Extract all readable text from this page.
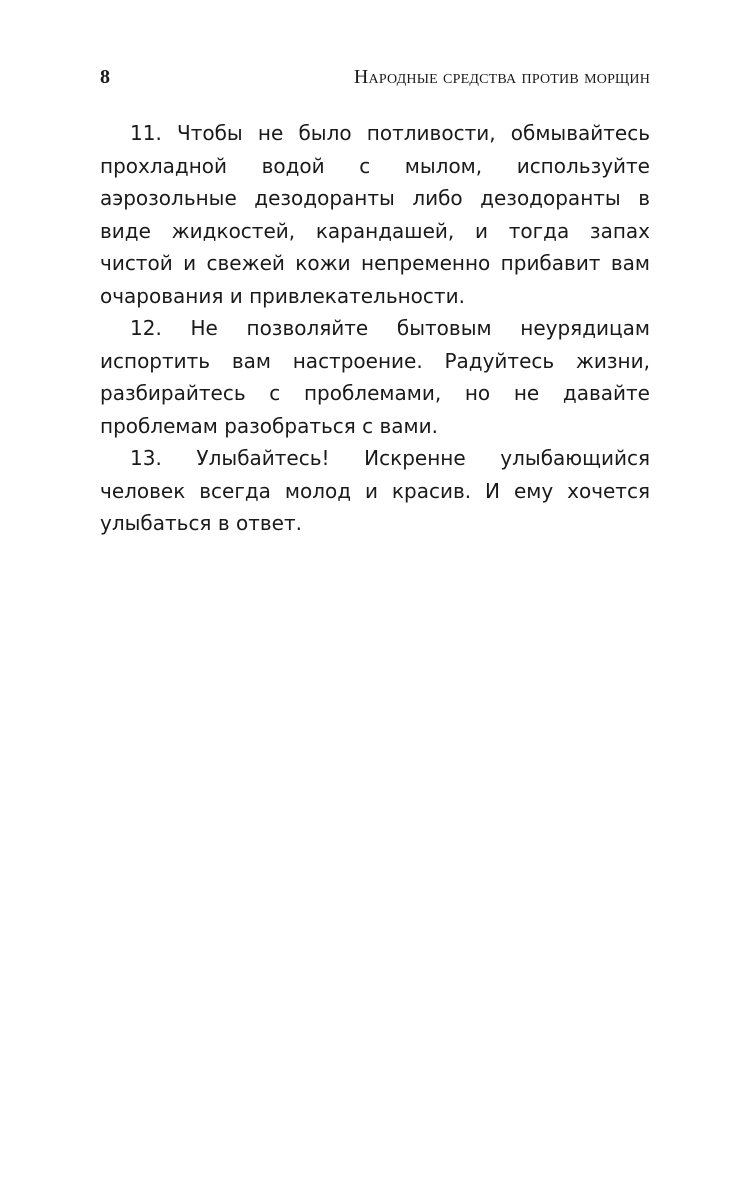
8	Народные средства против морщин

11. Чтобы не было потливости, обмывайтесь прохладной водой с мылом, используйте аэрозольные дезодоранты либо дезодоранты в виде жидкостей, карандашей, и тогда запах чистой и свежей кожи непременно прибавит вам очарования и привлекательности.

12. Не позволяйте бытовым неурядицам испортить вам настроение. Радуйтесь жизни, разбирайтесь с проблемами, но не давайте проблемам разобраться с вами.

13. Улыбайтесь! Искренне улыбающийся человек всегда молод и красив. И ему хочется улыбаться в ответ.
